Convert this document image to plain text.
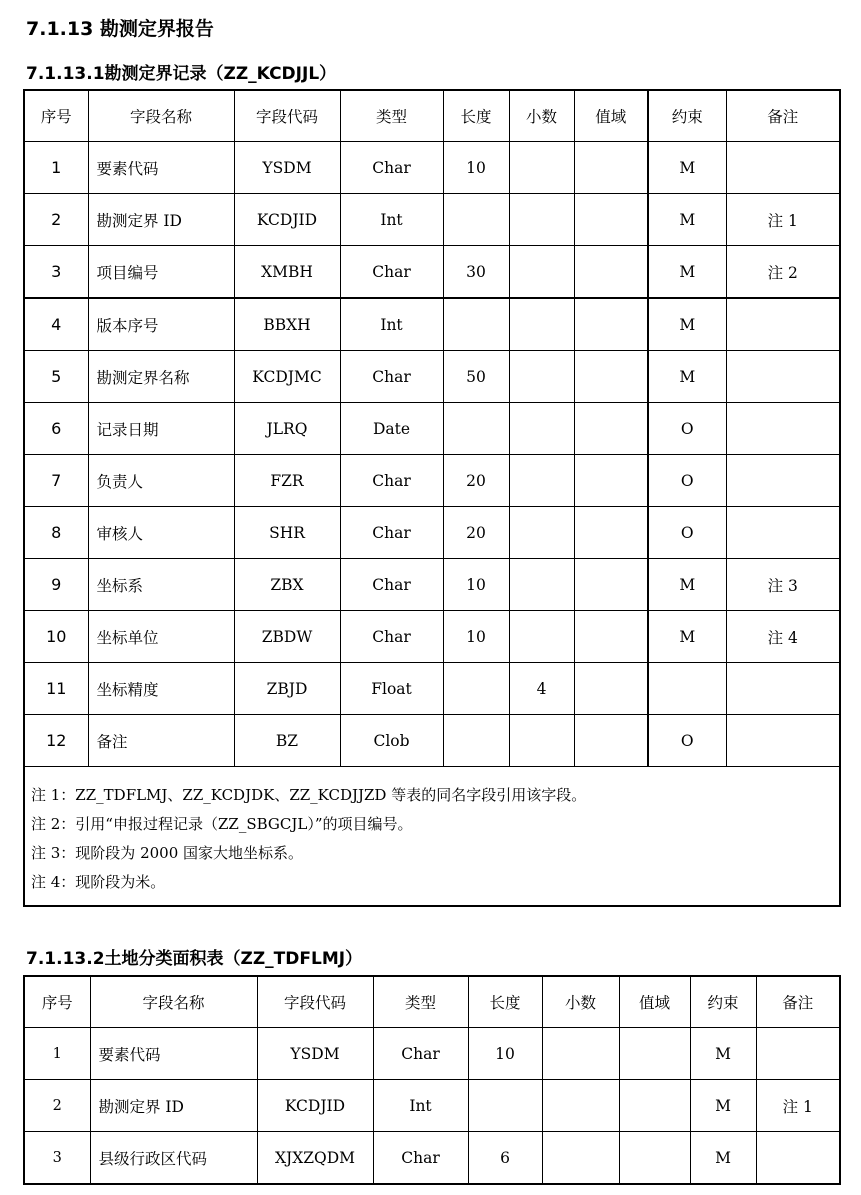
7.1.13 勘测定界报告
7.1.13.1勘测定界记录（ZZ_KCDJJL）
序号	字段名称	字段代码	类型	长度	小数	值域	约束	备注
1	要素代码	YSDM	Char	10			M	
2	勘测定界 ID	KCDJID	Int				M	注 1
3	项目编号	XMBH	Char	30			M	注 2
4	版本序号	BBXH	Int				M	
5	勘测定界名称	KCDJMC	Char	50			M	
6	记录日期	JLRQ	Date				O	
7	负责人	FZR	Char	20			O	
8	审核人	SHR	Char	20			O	
9	坐标系	ZBX	Char	10			M	注 3
10	坐标单位	ZBDW	Char	10			M	注 4
11	坐标精度	ZBJD	Float		4			
12	备注	BZ	Clob				O	

注 1：ZZ_TDFLMJ、ZZ_KCDJDK、ZZ_KCDJJZD 等表的同名字段引用该字段。
注 2：引用“申报过程记录（ZZ_SBGCJL）”的项目编号。
注 3：现阶段为 2000 国家大地坐标系。
注 4：现阶段为米。								
7.1.13.2土地分类面积表（ZZ_TDFLMJ）
序号	字段名称	字段代码	类型	长度	小数	值域	约束	备注
1	要素代码	YSDM	Char	10			M	
2	勘测定界 ID	KCDJID	Int				M	注 1
3	县级行政区代码	XJXZQDM	Char	6			M	
